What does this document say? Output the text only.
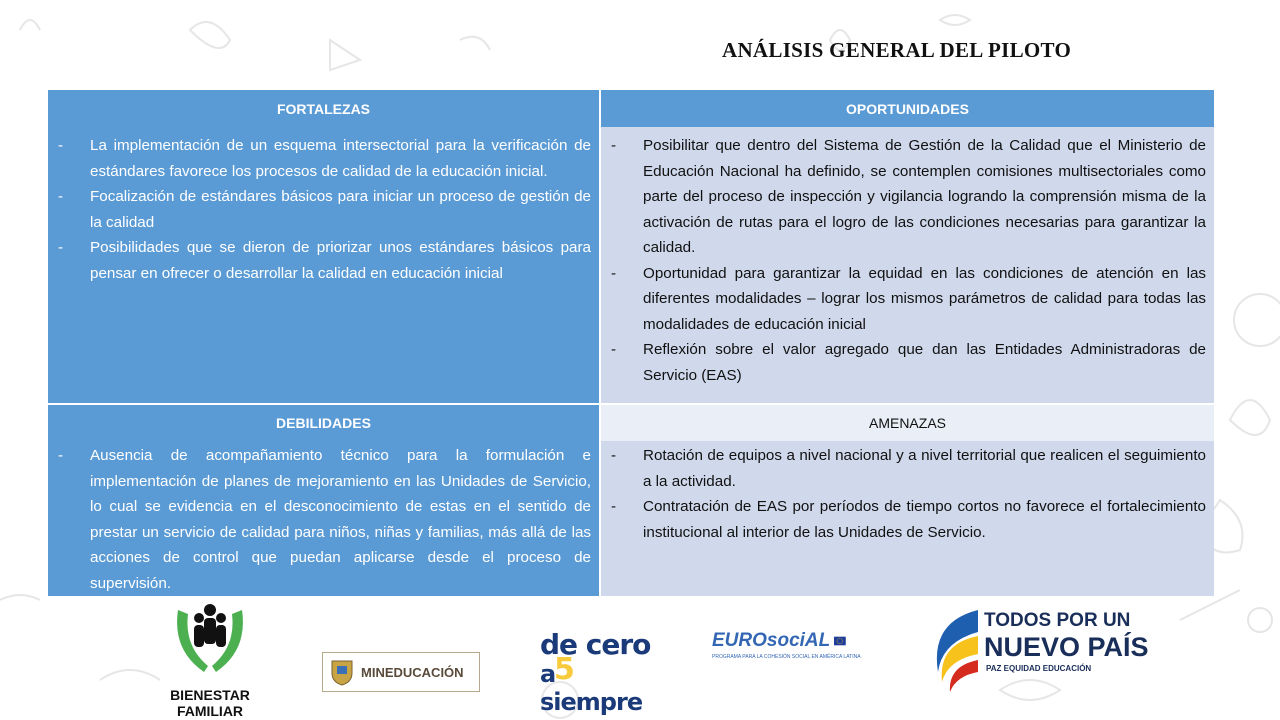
ANÁLISIS GENERAL DEL PILOTO
FORTALEZAS	OPORTUNIDADES
- La implementación de un esquema intersectorial para la verificación de estándares favorece los procesos de calidad de la educación inicial.
- Focalización de estándares básicos para iniciar un proceso de gestión de la calidad
- Posibilidades que se dieron de priorizar unos estándares básicos para pensar en ofrecer o desarrollar la calidad en educación inicial
- Posibilitar que dentro del Sistema de Gestión de la Calidad que el Ministerio de Educación Nacional ha definido, se contemplen comisiones multisectoriales como parte del proceso de inspección y vigilancia logrando la comprensión misma de la activación de rutas para el logro de las condiciones necesarias para garantizar la calidad.
- Oportunidad para garantizar la equidad en las condiciones de atención en las diferentes modalidades – lograr los mismos parámetros de calidad para todas las modalidades de educación inicial
- Reflexión sobre el valor agregado que dan las Entidades Administradoras de Servicio (EAS)
DEBILIDADES	AMENAZAS
- Ausencia de acompañamiento técnico para la formulación e implementación de planes de mejoramiento en las Unidades de Servicio, lo cual se evidencia en el desconocimiento de estas en el sentido de prestar un servicio de calidad para niños, niñas y familias, más allá de las acciones de control que puedan aplicarse desde el proceso de supervisión.
- Rotación de equipos a nivel nacional y a nivel territorial que realicen el seguimiento a la actividad.
- Contratación de EAS por períodos de tiempo cortos no favorece el fortalecimiento institucional al interior de las Unidades de Servicio.
BIENESTAR
FAMILIAR
MINEDUCACIÓN
de cero
a siempre
5
EUROsociAL
PROGRAMA PARA LA COHESIÓN SOCIAL EN AMÉRICA LATINA
TODOS POR UN
NUEVO PAÍS
PAZ EQUIDAD EDUCACIÓN
